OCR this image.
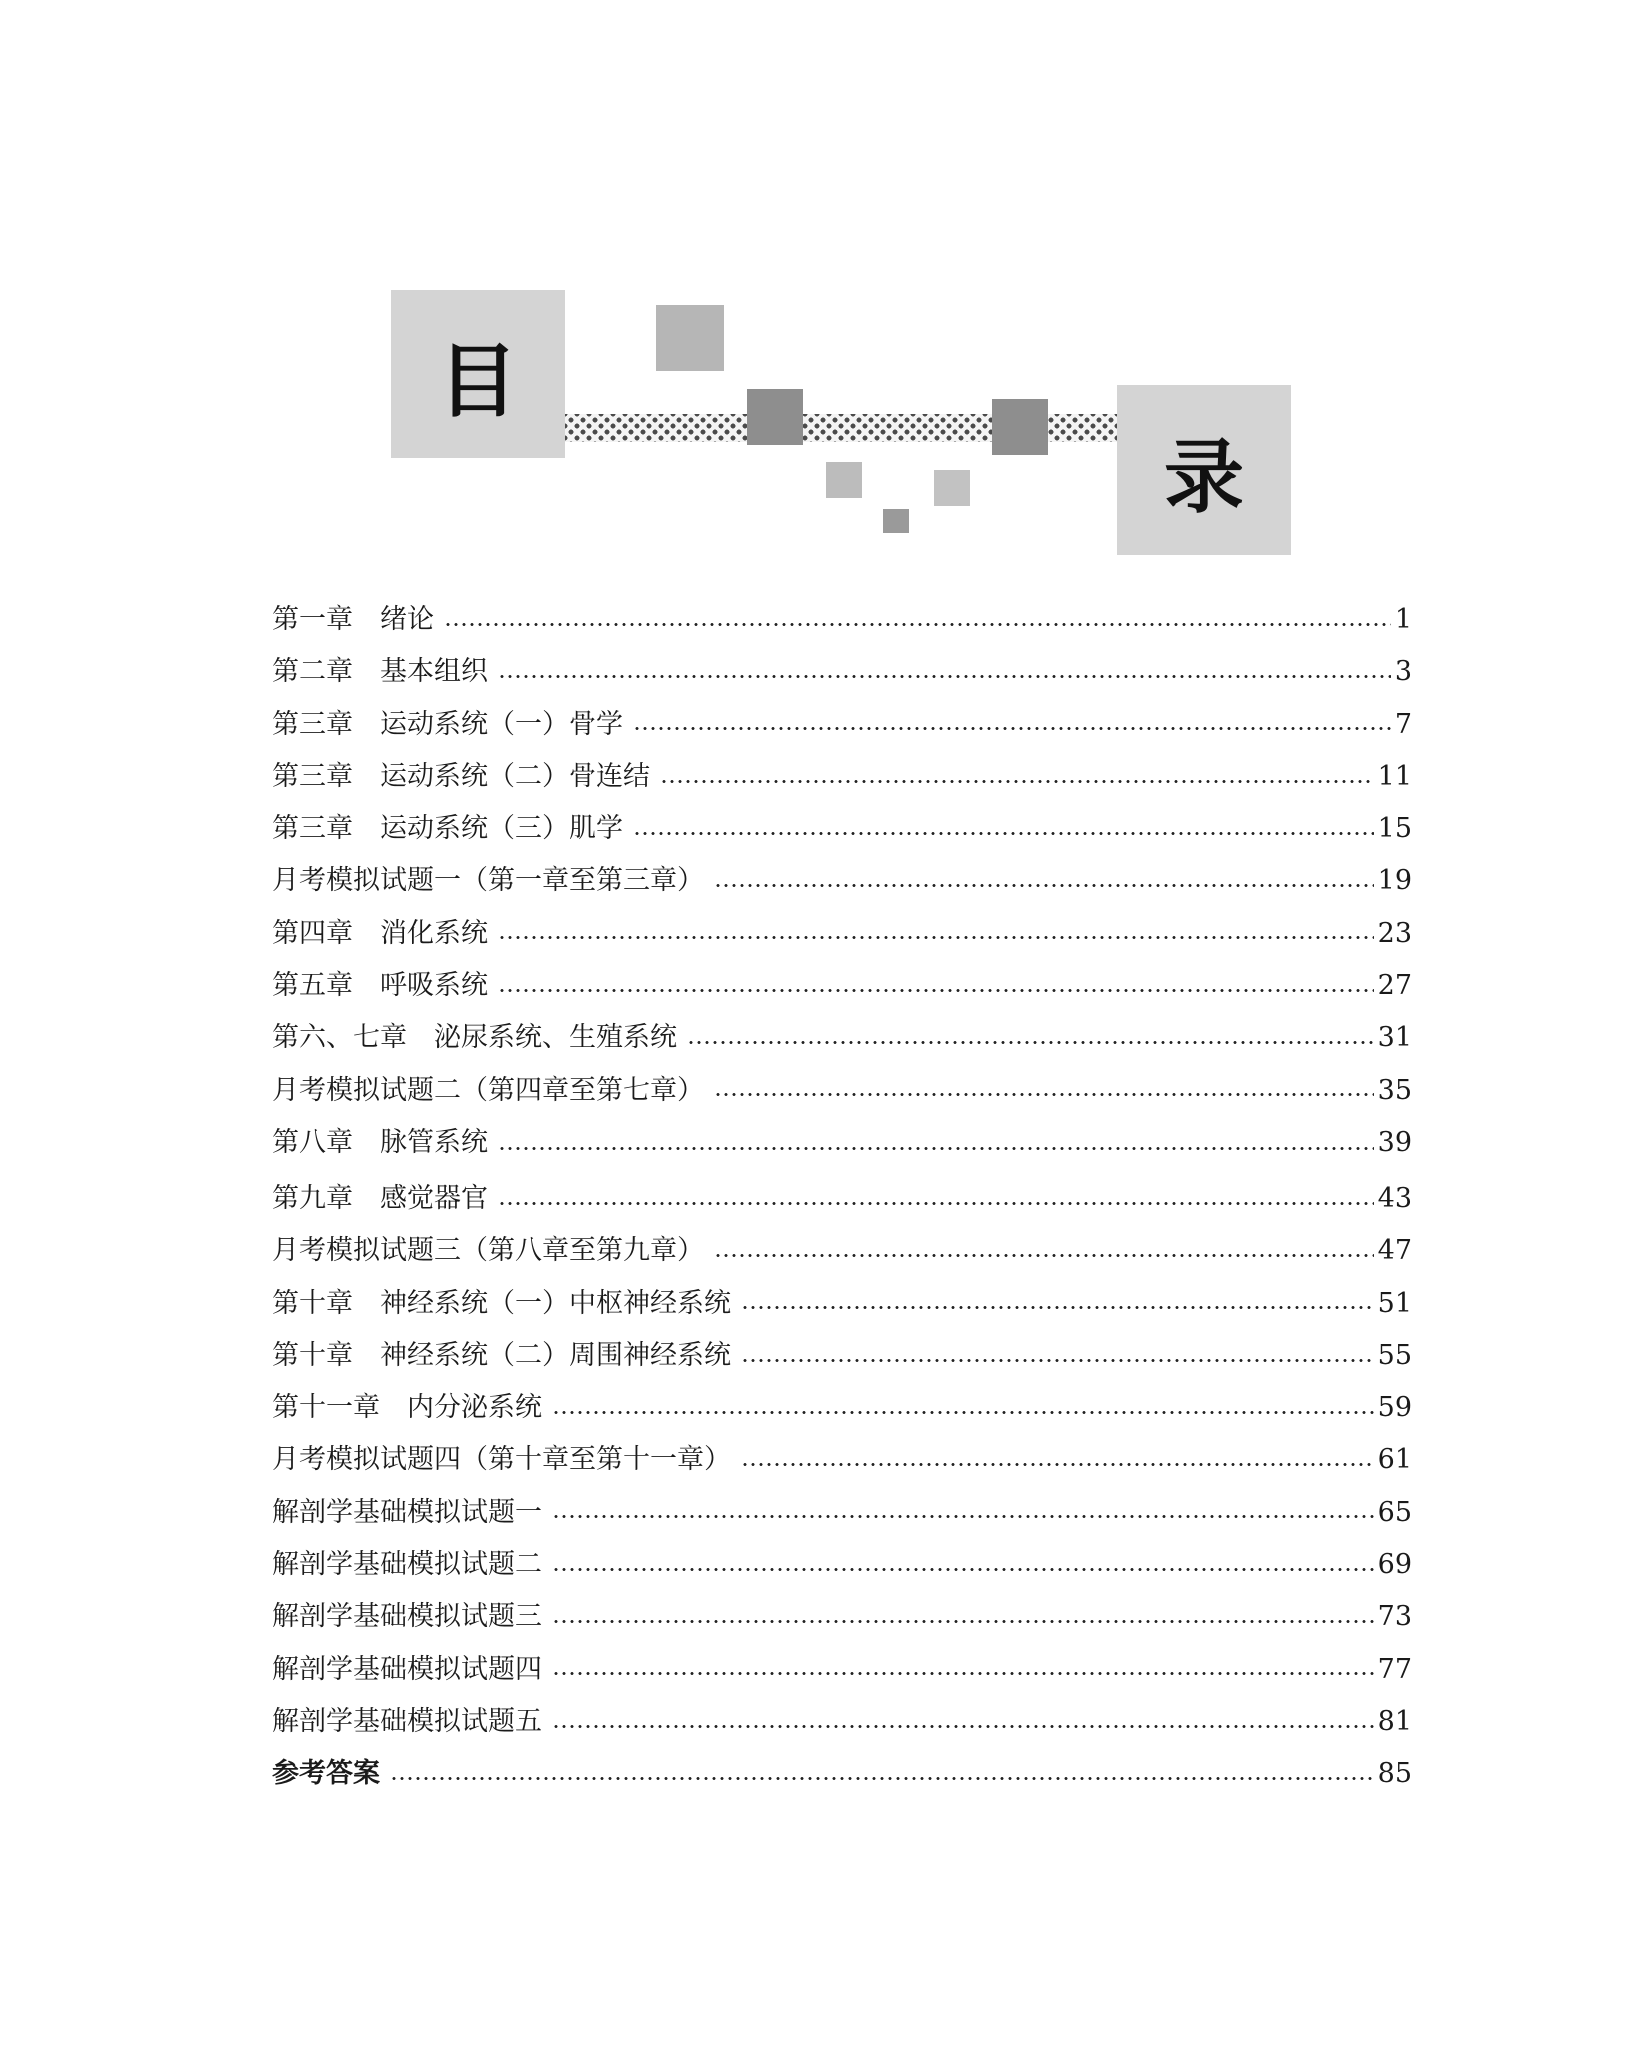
目
录
第一章　绪论	1
第二章　基本组织	3
第三章　运动系统（一）骨学	7
第三章　运动系统（二）骨连结	11
第三章　运动系统（三）肌学	15
月考模拟试题一（第一章至第三章）	19
第四章　消化系统	23
第五章　呼吸系统	27
第六、七章　泌尿系统、生殖系统	31
月考模拟试题二（第四章至第七章）	35
第八章　脉管系统	39
第九章　感觉器官	43
月考模拟试题三（第八章至第九章）	47
第十章　神经系统（一）中枢神经系统	51
第十章　神经系统（二）周围神经系统	55
第十一章　内分泌系统	59
月考模拟试题四（第十章至第十一章）	61
解剖学基础模拟试题一	65
解剖学基础模拟试题二	69
解剖学基础模拟试题三	73
解剖学基础模拟试题四	77
解剖学基础模拟试题五	81
参考答案	85
